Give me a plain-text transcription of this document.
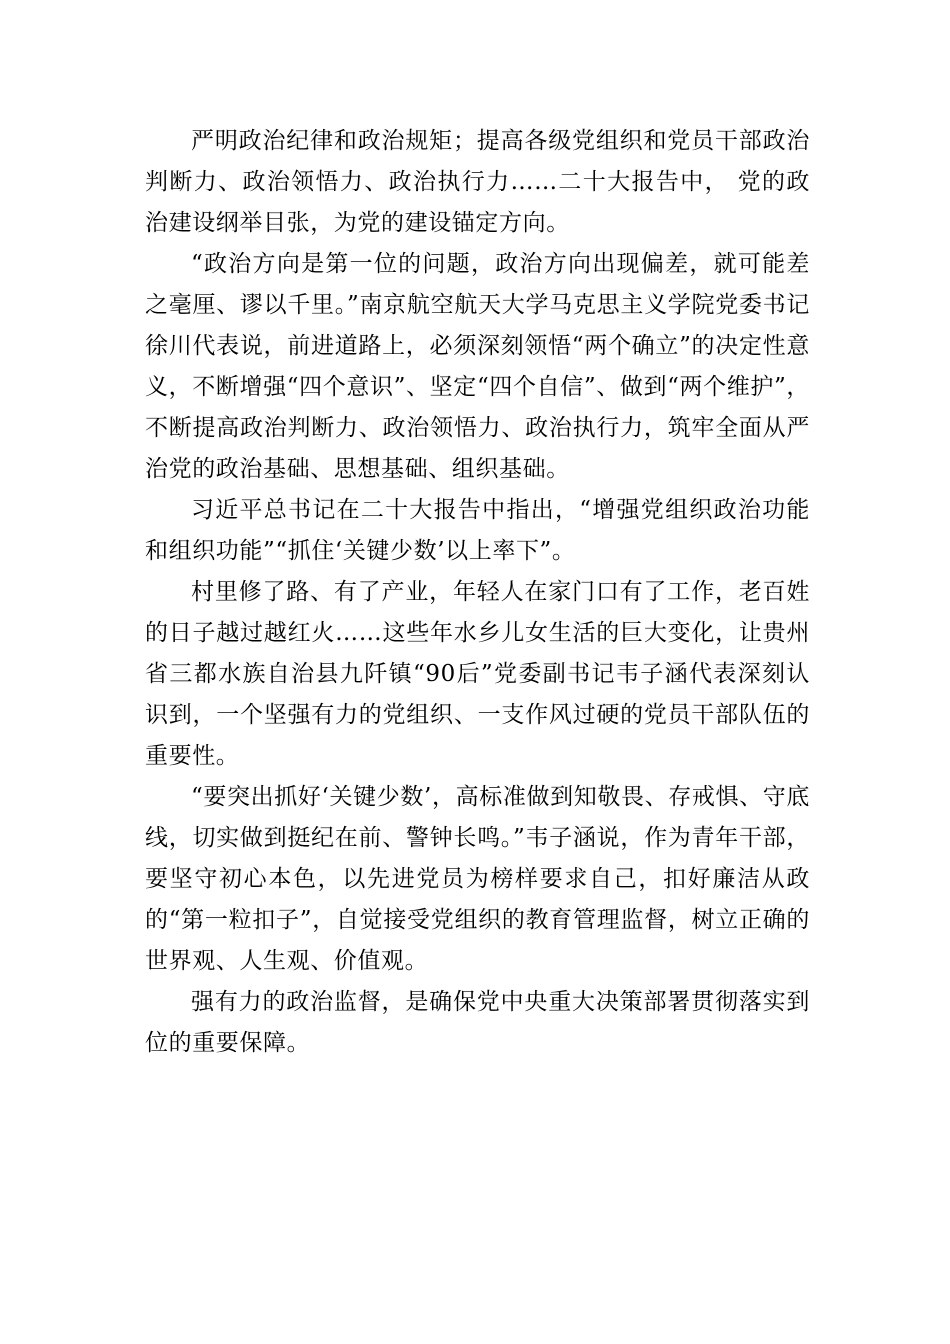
严明政治纪律和政治规矩；提高各级党组织和党员干部政治判断力、政治领悟力、政治执行力……二十大报告中， 党的政治建设纲举目张，为党的建设锚定方向。

“政治方向是第一位的问题，政治方向出现偏差，就可能差之毫厘、谬以千里。”南京航空航天大学马克思主义学院党委书记徐川代表说，前进道路上，必须深刻领悟“两个确立”的决定性意义，不断增强“四个意识”、坚定“四个自信”、做到“两个维护”，不断提高政治判断力、政治领悟力、政治执行力，筑牢全面从严治党的政治基础、思想基础、组织基础。

习近平总书记在二十大报告中指出，“增强党组织政治功能和组织功能”“抓住‘关键少数’以上率下”。

村里修了路、有了产业，年轻人在家门口有了工作，老百姓的日子越过越红火……这些年水乡儿女生活的巨大变化，让贵州省三都水族自治县九阡镇“90后”党委副书记韦子涵代表深刻认识到，一个坚强有力的党组织、一支作风过硬的党员干部队伍的重要性。

“要突出抓好‘关键少数’，高标准做到知敬畏、存戒惧、守底线，切实做到挺纪在前、警钟长鸣。”韦子涵说，作为青年干部，要坚守初心本色，以先进党员为榜样要求自己，扣好廉洁从政的“第一粒扣子”，自觉接受党组织的教育管理监督，树立正确的世界观、人生观、价值观。

强有力的政治监督，是确保党中央重大决策部署贯彻落实到位的重要保障。
